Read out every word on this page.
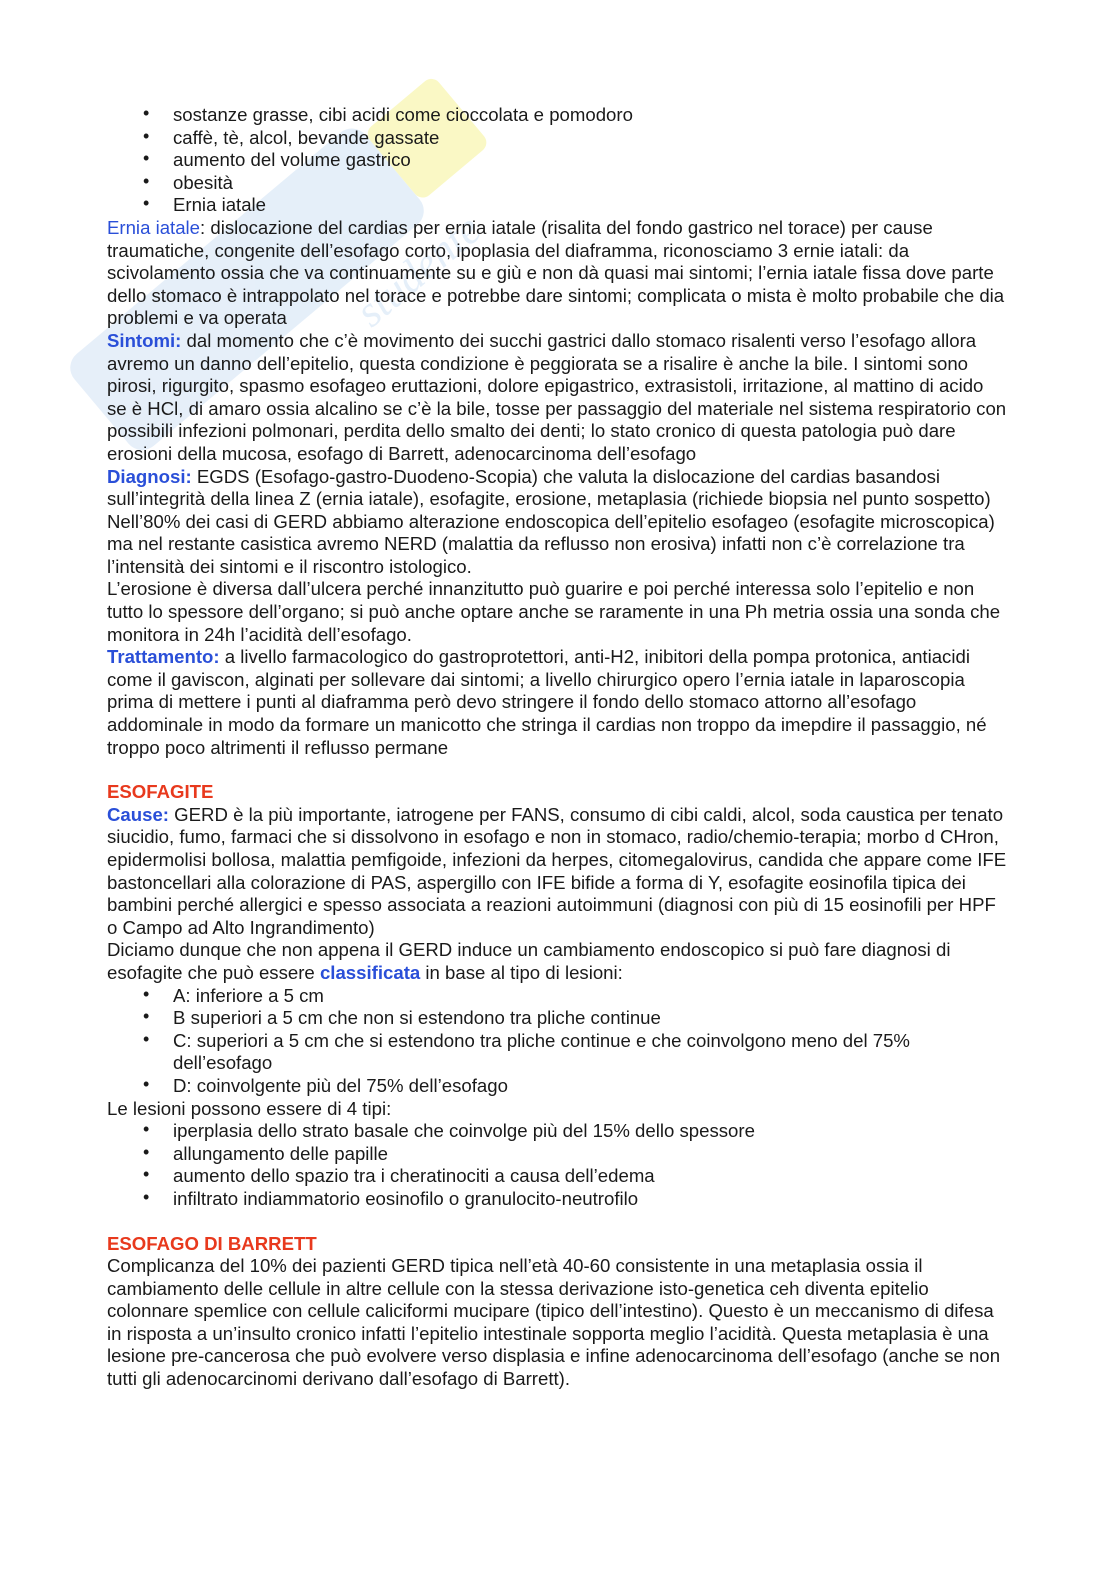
studente
• sostanze grasse, cibi acidi come cioccolata e pomodoro
• caffè, tè, alcol, bevande gassate
• aumento del volume gastrico
• obesità
• Ernia iatale

Ernia iatale: dislocazione del cardias per ernia iatale (risalita del fondo gastrico nel torace) per cause traumatiche, congenite dell’esofago corto, ipoplasia del diaframma, riconosciamo 3 ernie iatali: da scivolamento ossia che va continuamente su e giù e non dà quasi mai sintomi; l’ernia iatale fissa dove parte dello stomaco è intrappolato nel torace e potrebbe dare sintomi; complicata o mista è molto probabile che dia problemi e va operata

Sintomi: dal momento che c’è movimento dei succhi gastrici dallo stomaco risalenti verso l’esofago allora avremo un danno dell’epitelio, questa condizione è peggiorata se a risalire è anche la bile. I sintomi sono pirosi, rigurgito, spasmo esofageo eruttazioni, dolore epigastrico, extrasistoli, irritazione, al mattino di acido se è HCl, di amaro ossia alcalino se c’è la bile, tosse per passaggio del materiale nel sistema respiratorio con possibili infezioni polmonari, perdita dello smalto dei denti; lo stato cronico di questa patologia può dare erosioni della mucosa, esofago di Barrett, adenocarcinoma dell’esofago

Diagnosi: EGDS (Esofago-gastro-Duodeno-Scopia) che valuta la dislocazione del cardias basandosi sull’integrità della linea Z (ernia iatale), esofagite, erosione, metaplasia (richiede biopsia nel punto sospetto) Nell’80% dei casi di GERD abbiamo alterazione endoscopica dell’epitelio esofageo (esofagite microscopica) ma nel restante casistica avremo NERD (malattia da reflusso non erosiva) infatti non c’è correlazione tra l’intensità dei sintomi e il riscontro istologico.

L’erosione è diversa dall’ulcera perché innanzitutto può guarire e poi perché interessa solo l’epitelio e non tutto lo spessore dell’organo; si può anche optare anche se raramente in una Ph metria ossia una sonda che monitora in 24h l’acidità dell’esofago.

Trattamento: a livello farmacologico do gastroprotettori, anti-H2, inibitori della pompa protonica, antiacidi come il gaviscon, alginati per sollevare dai sintomi; a livello chirurgico opero l’ernia iatale in laparoscopia prima di mettere i punti al diaframma però devo stringere il fondo dello stomaco attorno all’esofago addominale in modo da formare un manicotto che stringa il cardias non troppo da imepdire il passaggio, né troppo poco altrimenti il reflusso permane

ESOFAGITE

Cause: GERD è la più importante, iatrogene per FANS, consumo di cibi caldi, alcol, soda caustica per tenato siucidio, fumo, farmaci che si dissolvono in esofago e non in stomaco, radio/chemio-terapia; morbo d CHron, epidermolisi bollosa, malattia pemfigoide, infezioni da herpes, citomegalovirus, candida che appare come IFE bastoncellari alla colorazione di PAS, aspergillo con IFE bifide a forma di Y, esofagite eosinofila tipica dei bambini perché allergici e spesso associata a reazioni autoimmuni (diagnosi con più di 15 eosinofili per HPF o Campo ad Alto Ingrandimento)

Diciamo dunque che non appena il GERD induce un cambiamento endoscopico si può fare diagnosi di esofagite che può essere classificata in base al tipo di lesioni:

• A: inferiore a 5 cm
• B superiori a 5 cm che non si estendono tra pliche continue
• C: superiori a 5 cm che si estendono tra pliche continue e che coinvolgono meno del 75% dell’esofago
• D: coinvolgente più del 75% dell’esofago

Le lesioni possono essere di 4 tipi:

• iperplasia dello strato basale che coinvolge più del 15% dello spessore
• allungamento delle papille
• aumento dello spazio tra i cheratinociti a causa dell’edema
• infiltrato indiammatorio eosinofilo o granulocito-neutrofilo

ESOFAGO DI BARRETT

Complicanza del 10% dei pazienti GERD tipica nell’età 40-60 consistente in una metaplasia ossia il cambiamento delle cellule in altre cellule con la stessa derivazione isto-genetica ceh diventa epitelio colonnare spemlice con cellule caliciformi mucipare (tipico dell’intestino). Questo è un meccanismo di difesa in risposta a un’insulto cronico infatti l’epitelio intestinale sopporta meglio l’acidità. Questa metaplasia è una lesione pre-cancerosa che può evolvere verso displasia e infine adenocarcinoma dell’esofago (anche se non tutti gli adenocarcinomi derivano dall’esofago di Barrett).
